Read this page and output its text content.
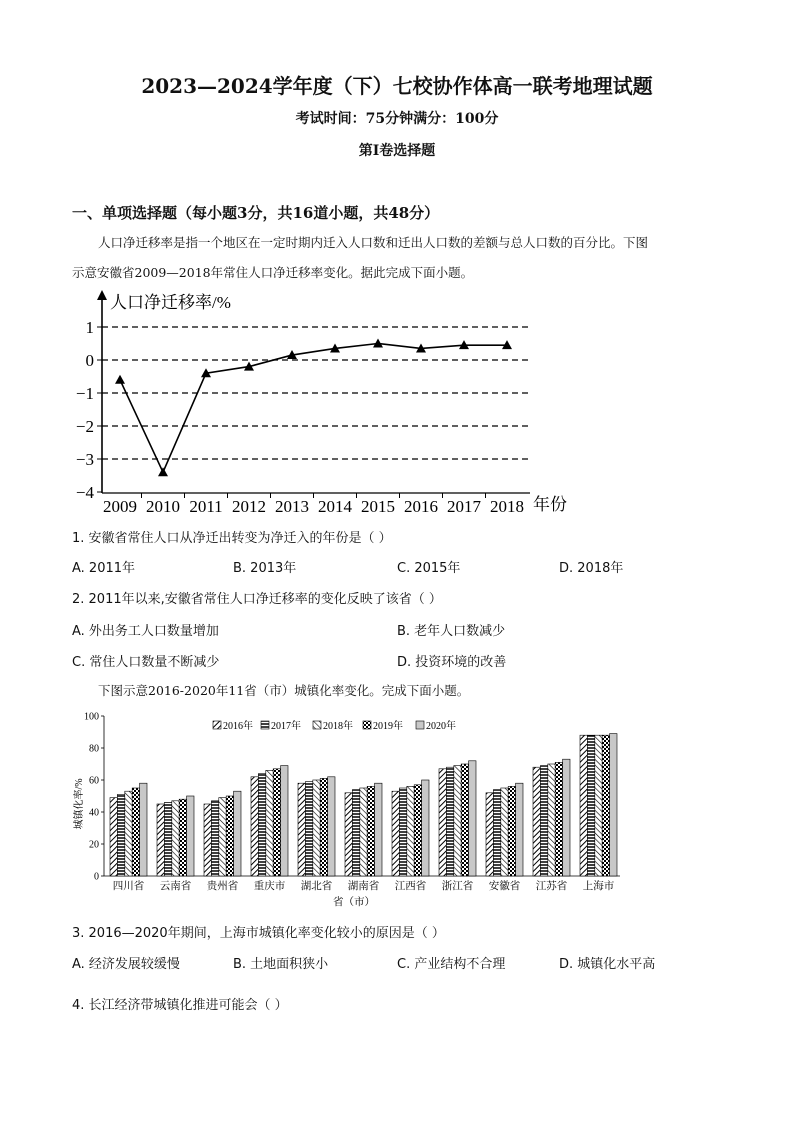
2023—2024学年度（下）七校协作体高一联考地理试题
考试时间：75分钟满分：100分
第Ⅰ卷选择题
一、单项选择题（每小题3分，共16道小题，共48分）
人口净迁移率是指一个地区在一定时期内迁入人口数和迁出人口数的差额与总人口数的百分比。下图
示意安徽省2009—2018年常住人口净迁移率变化。据此完成下面小题。
人口净迁移率/%
年份
1
0
−1
−2
−3
−4
2009 2010 2011 2012 2013 2014 2015 2016 2017 2018
1. 安徽省常住人口从净迁出转变为净迁入的年份是（ ）
A. 2011年	B. 2013年	C. 2015年	D. 2018年
2. 2011年以来,安徽省常住人口净迁移率的变化反映了该省（ ）
A. 外出务工人口数量增加	B. 老年人口数减少
C. 常住人口数量不断减少	D. 投资环境的改善
下图示意2016-2020年11省（市）城镇化率变化。完成下面小题。
100
80
60
40
20
0
城镇化率/%
省（市）
2016年 2017年 2018年 2019年 2020年
四川省 云南省 贵州省 重庆市 湖北省 湖南省 江西省 浙江省 安徽省 江苏省 上海市
3. 2016—2020年期间，上海市城镇化率变化较小的原因是（ ）
A. 经济发展较缓慢	B. 土地面积狭小	C. 产业结构不合理	D. 城镇化水平高
4. 长江经济带城镇化推进可能会（ ）
